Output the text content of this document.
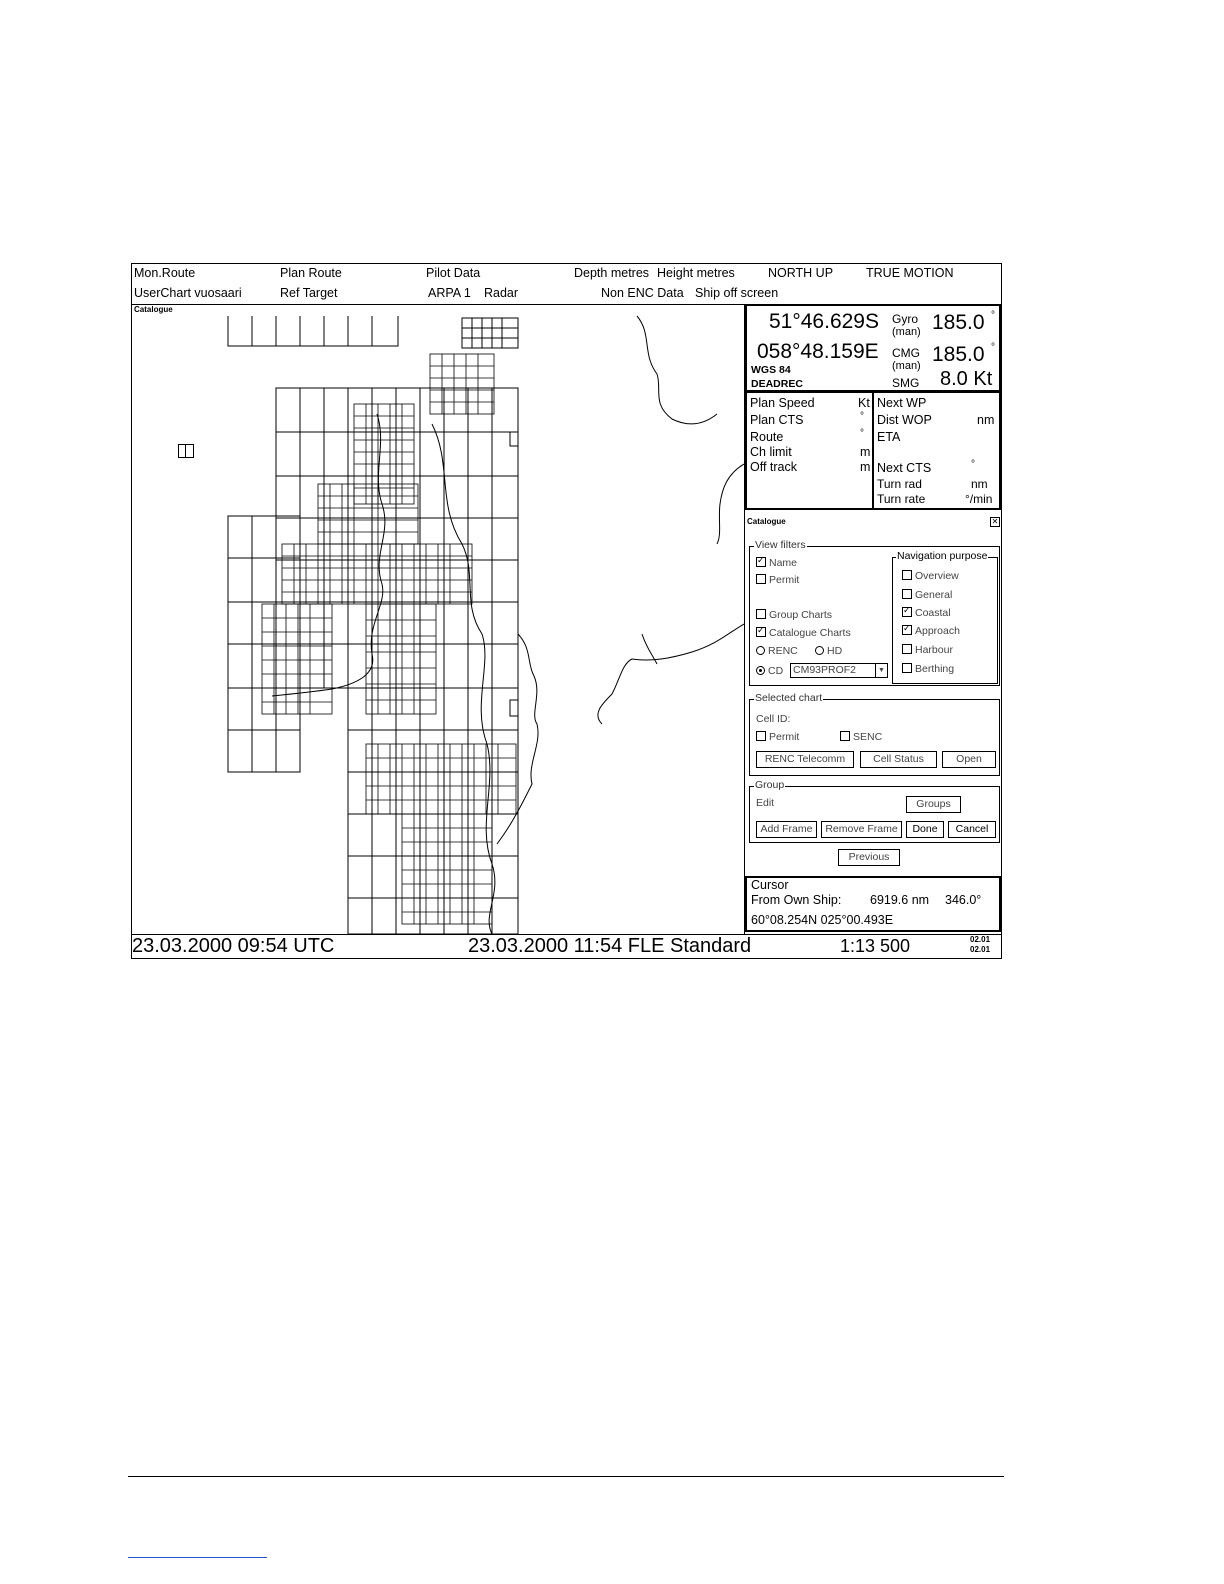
Mon.Route	Plan Route	Pilot Data	Depth metres Height metres	NORTH UP	TRUE MOTION
UserChart vuosaari	Ref Target	ARPA 1 Radar	Non ENC Data Ship off screen
Catalogue
23.03.2000 09:54 UTC	23.03.2000 11:54 FLE Standard	1:13 500	02.01
02.01
51°46.629S
058°48.159E
WGS 84
DEADREC
Gyro
(man) 185.0 °
CMG
(man) 185.0 °
SMG 8.0 Kt
Plan Speed	Kt
Plan CTS	°
Route	°
Ch limit	m
Off track	m
Next WP
Dist WOP	nm
ETA
Next CTS	°
Turn rad	nm
Turn rate	°/min
Catalogue	✕
View filters
✓Name
Permit
Group Charts
✓Catalogue Charts
RENC	HD
CD CM93PROF2	▼
Navigation purpose
Overview
General
✓Coastal
✓Approach
Harbour
Berthing
Selected chart
Cell ID:
Permit	SENC
RENC Telecomm	Cell Status	Open
Group
Edit	Groups
Add Frame	Remove Frame	Done	Cancel
Previous
Cursor
From Own Ship: 6919.6 nm 346.0°
60°08.254N 025°00.493E
